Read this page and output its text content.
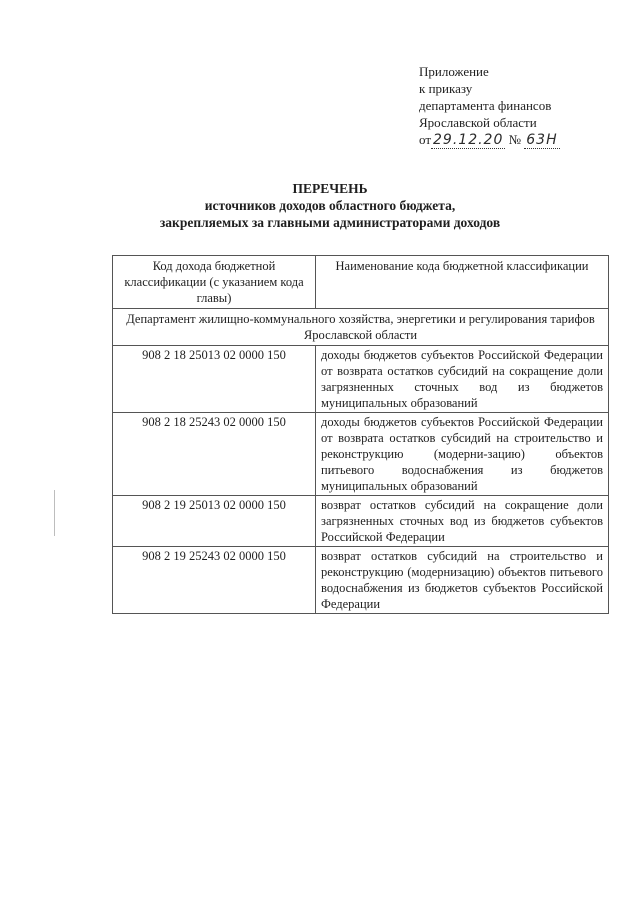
Приложение
к приказу
департамента финансов
Ярославской области
от 29.12.20 № 63Н
ПЕРЕЧЕНЬ
источников доходов областного бюджета,
закрепляемых за главными администраторами доходов
Код дохода бюджетной классификации (с указанием кода главы)	Наименование кода бюджетной классификации
Департамент жилищно-коммунального хозяйства, энергетики и регулирования тарифов Ярославской области	
908 2 18 25013 02 0000 150	доходы бюджетов субъектов Российской Федерации от возврата остатков субсидий на сокращение доли загрязненных сточных вод из бюджетов муниципальных образований
908 2 18 25243 02 0000 150	доходы бюджетов субъектов Российской Федерации от возврата остатков субсидий на строительство и реконструкцию (модерни-зацию) объектов питьевого водоснабжения из бюджетов муниципальных образований
908 2 19 25013 02 0000 150	возврат остатков субсидий на сокращение доли загрязненных сточных вод из бюджетов субъектов Российской Федерации
908 2 19 25243 02 0000 150	возврат остатков субсидий на строительство и реконструкцию (модернизацию) объектов питьевого водоснабжения из бюджетов субъектов Российской Федерации
